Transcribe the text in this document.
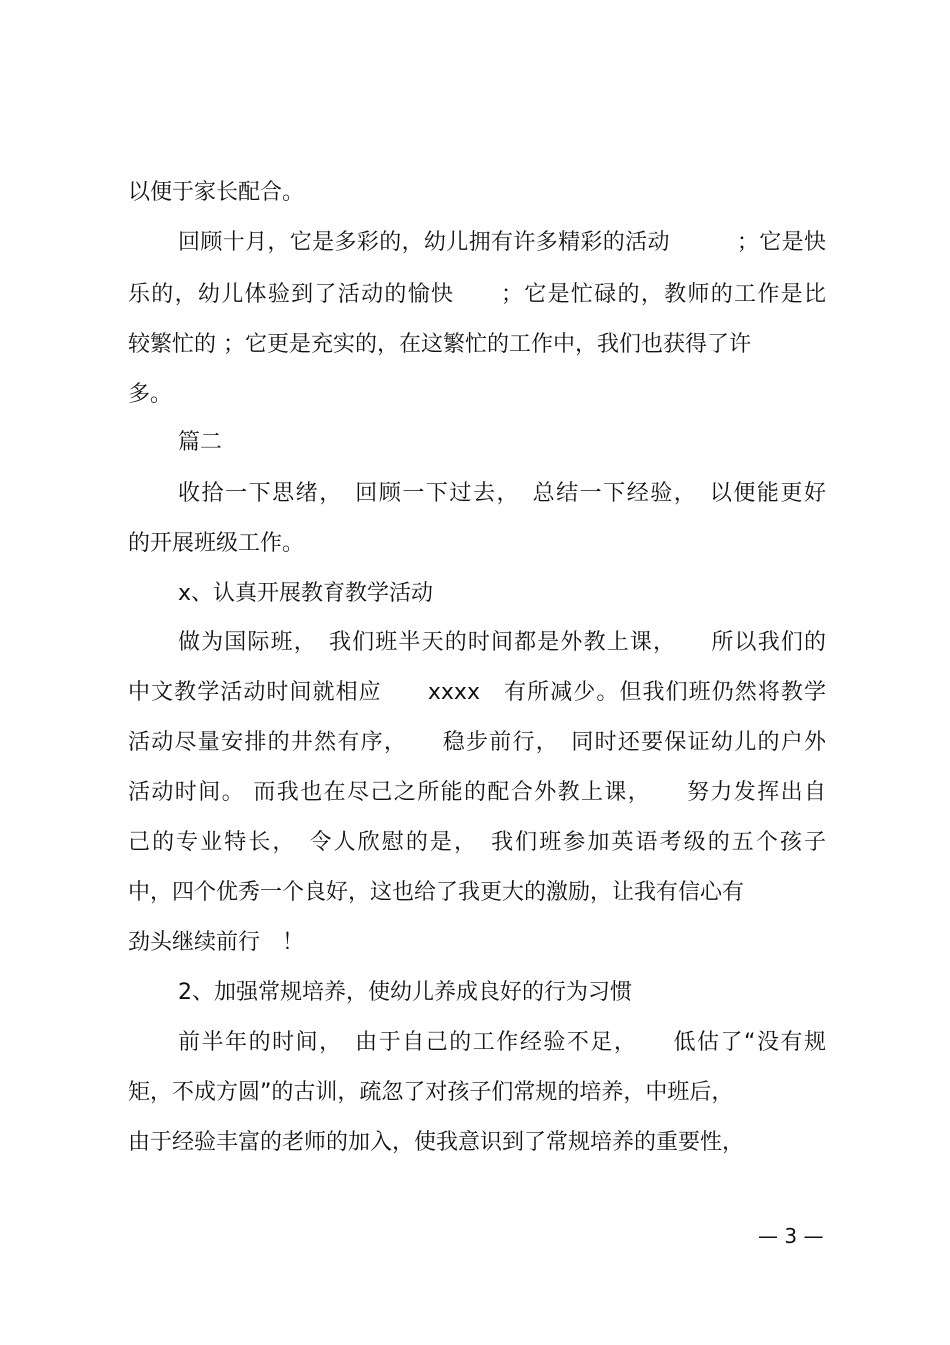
以便于家长配合。

回顾十月，它是多彩的，幼儿拥有许多精彩的活动　　　；它是快

乐的，幼儿体验到了活动的愉快　　；它是忙碌的，教师的工作是比

较繁忙的 ；它更是充实的，在这繁忙的工作中，我们也获得了许

多。

篇二

收拾一下思绪，　回顾一下过去，　总结一下经验，　以便能更好

的开展班级工作。

x、认真开展教育教学活动

做为国际班，　我们班半天的时间都是外教上课，　　所以我们的

中文教学活动时间就相应　　xxxx　有所减少。但我们班仍然将教学

活动尽量安排的井然有序，　　稳步前行，　同时还要保证幼儿的户外

活动时间。 而我也在尽己之所能的配合外教上课，　　努力发挥出自

己的专业特长，　令人欣慰的是，　我们班参加英语考级的五个孩子

中，四个优秀一个良好，这也给了我更大的激励，让我有信心有

劲头继续前行　！

2、加强常规培养，使幼儿养成良好的行为习惯

前半年的时间，　由于自己的工作经验不足，　　低估了“没有规

矩，不成方圆”的古训，疏忽了对孩子们常规的培养，中班后，

由于经验丰富的老师的加入，使我意识到了常规培养的重要性，

— 3 —
